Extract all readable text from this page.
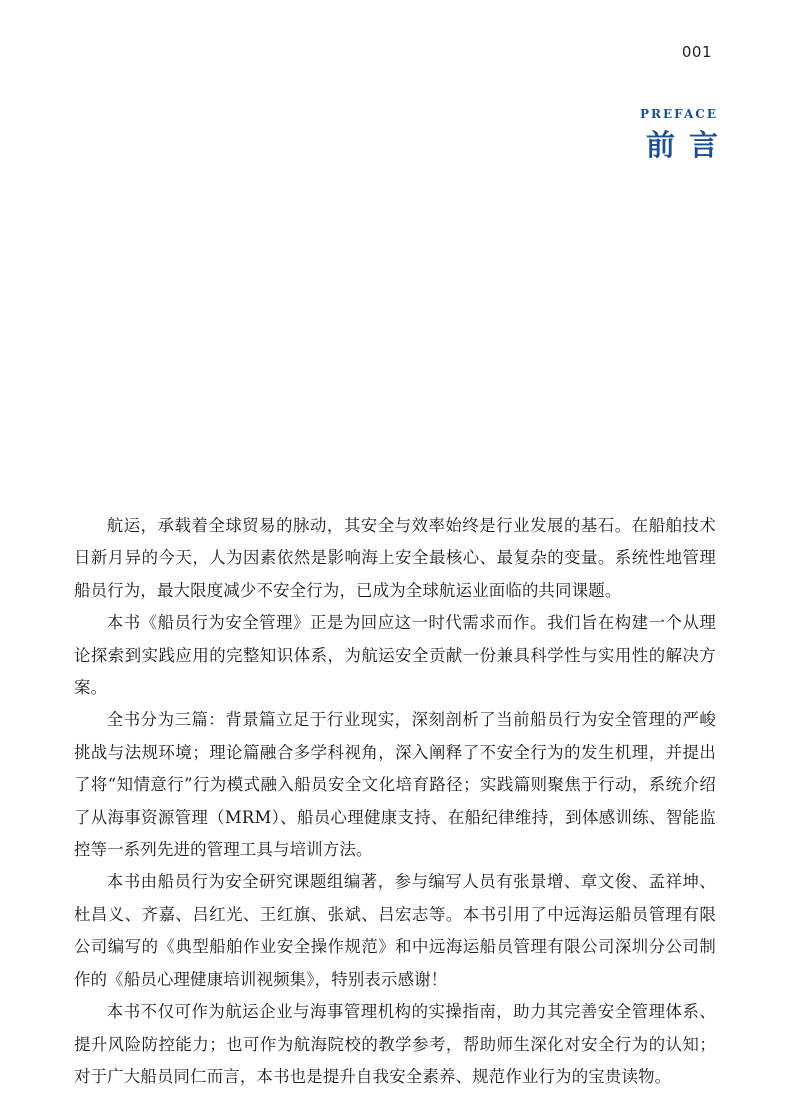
001
PREFACE
前言

航运，承载着全球贸易的脉动，其安全与效率始终是行业发展的基石。在船舶技术日新月异的今天，人为因素依然是影响海上安全最核心、最复杂的变量。系统性地管理船员行为，最大限度减少不安全行为，已成为全球航运业面临的共同课题。

本书《船员行为安全管理》正是为回应这一时代需求而作。我们旨在构建一个从理论探索到实践应用的完整知识体系，为航运安全贡献一份兼具科学性与实用性的解决方案。

全书分为三篇：背景篇立足于行业现实，深刻剖析了当前船员行为安全管理的严峻挑战与法规环境；理论篇融合多学科视角，深入阐释了不安全行为的发生机理，并提出了将“知情意行”行为模式融入船员安全文化培育路径；实践篇则聚焦于行动，系统介绍了从海事资源管理（MRM）、船员心理健康支持、在船纪律维持，到体感训练、智能监控等一系列先进的管理工具与培训方法。

本书由船员行为安全研究课题组编著，参与编写人员有张景增、章文俊、孟祥坤、杜昌义、齐嘉、吕红光、王红旗、张斌、吕宏志等。本书引用了中远海运船员管理有限公司编写的《典型船舶作业安全操作规范》和中远海运船员管理有限公司深圳分公司制作的《船员心理健康培训视频集》，特别表示感谢！

本书不仅可作为航运企业与海事管理机构的实操指南，助力其完善安全管理体系、提升风险防控能力；也可作为航海院校的教学参考，帮助师生深化对安全行为的认知；对于广大船员同仁而言，本书也是提升自我安全素养、规范作业行为的宝贵读物。
